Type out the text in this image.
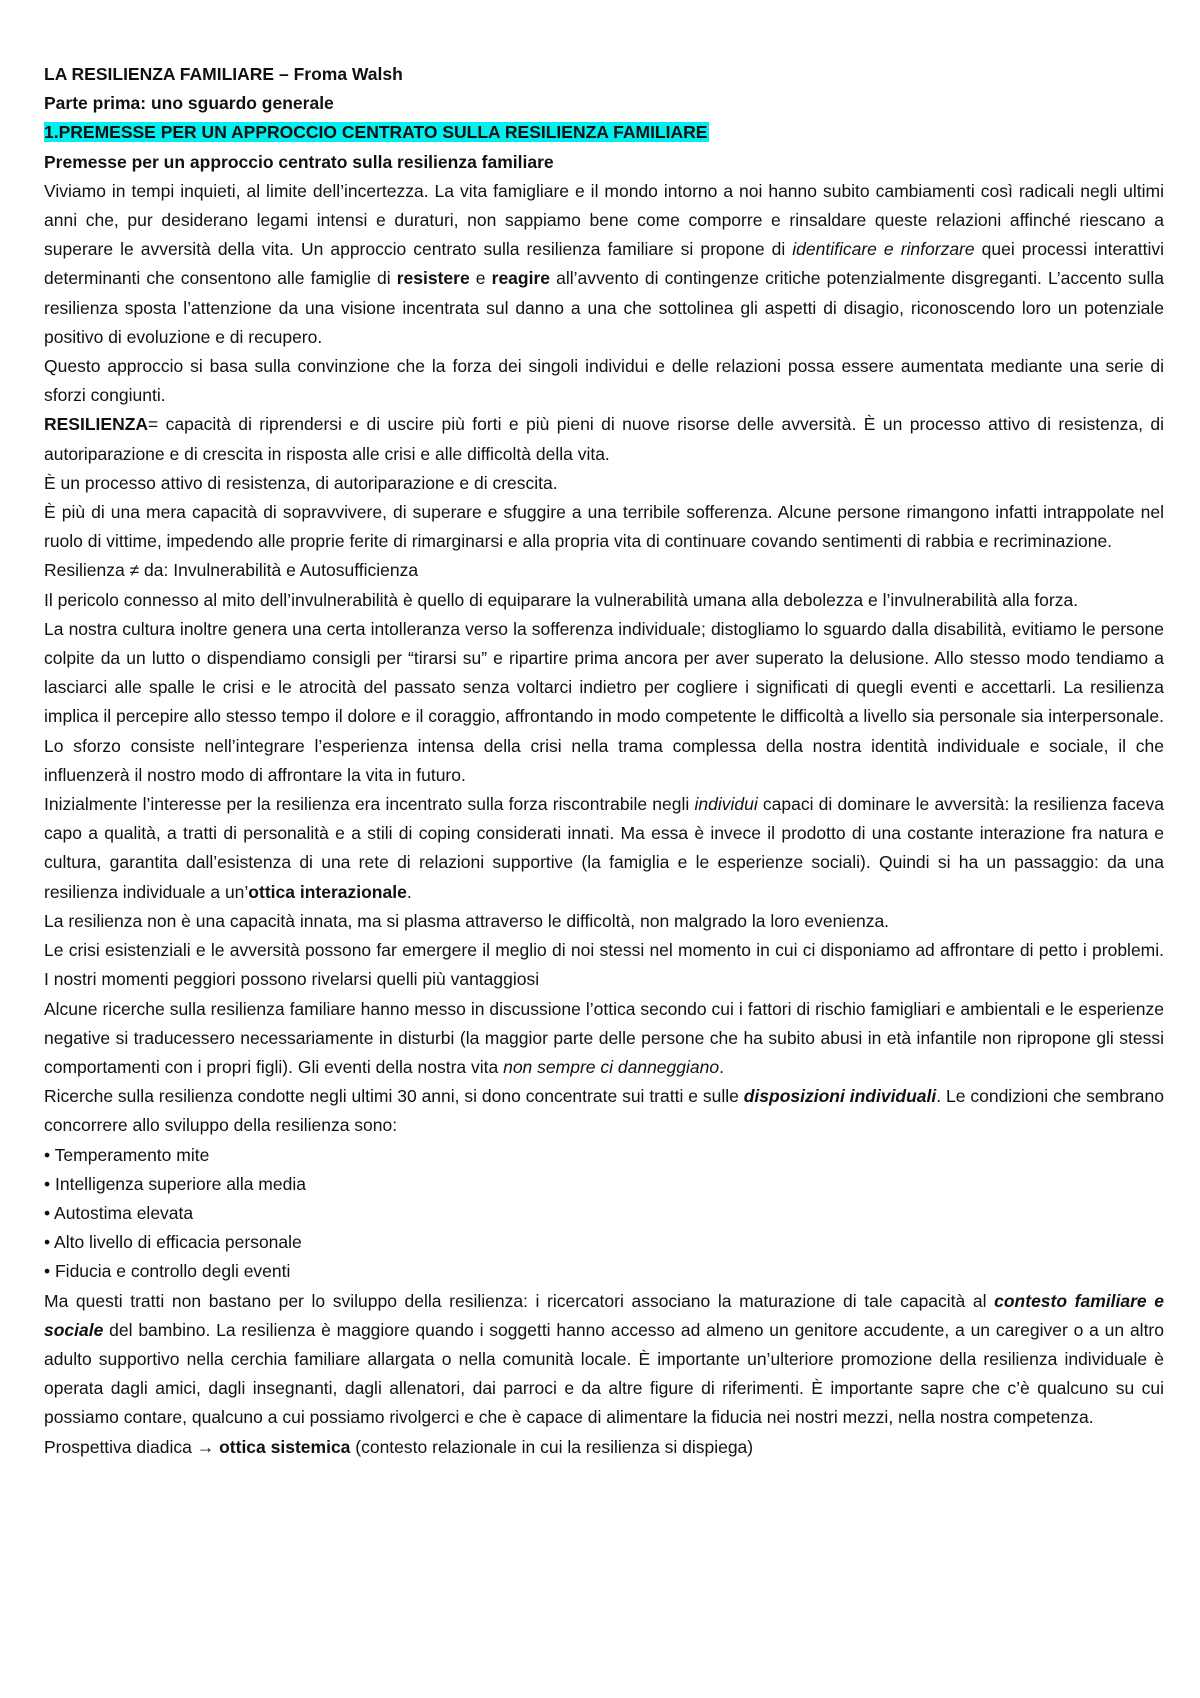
LA RESILIENZA FAMILIARE – Froma Walsh
Parte prima: uno sguardo generale
1.PREMESSE PER UN APPROCCIO CENTRATO SULLA RESILIENZA FAMILIARE
Premesse per un approccio centrato sulla resilienza familiare
Viviamo in tempi inquieti, al limite dell’incertezza. La vita famigliare e il mondo intorno a noi hanno subito cambiamenti così radicali negli ultimi anni che, pur desiderano legami intensi e duraturi, non sappiamo bene come comporre e rinsaldare queste relazioni affinché riescano a superare le avversità della vita. Un approccio centrato sulla resilienza familiare si propone di identificare e rinforzare quei processi interattivi determinanti che consentono alle famiglie di resistere e reagire all’avvento di contingenze critiche potenzialmente disgreganti. L’accento sulla resilienza sposta l’attenzione da una visione incentrata sul danno a una che sottolinea gli aspetti di disagio, riconoscendo loro un potenziale positivo di evoluzione e di recupero.
Questo approccio si basa sulla convinzione che la forza dei singoli individui e delle relazioni possa essere aumentata mediante una serie di sforzi congiunti.
RESILIENZA= capacità di riprendersi e di uscire più forti e più pieni di nuove risorse delle avversità. È un processo attivo di resistenza, di autoriparazione e di crescita in risposta alle crisi e alle difficoltà della vita.
È un processo attivo di resistenza, di autoriparazione e di crescita.
È più di una mera capacità di sopravvivere, di superare e sfuggire a una terribile sofferenza. Alcune persone rimangono infatti intrappolate nel ruolo di vittime, impedendo alle proprie ferite di rimarginarsi e alla propria vita di continuare covando sentimenti di rabbia e recriminazione.
Resilienza ≠ da: Invulnerabilità e Autosufficienza
Il pericolo connesso al mito dell’invulnerabilità è quello di equiparare la vulnerabilità umana alla debolezza e l’invulnerabilità alla forza.
La nostra cultura inoltre genera una certa intolleranza verso la sofferenza individuale; distogliamo lo sguardo dalla disabilità, evitiamo le persone colpite da un lutto o dispendiamo consigli per “tirarsi su” e ripartire prima ancora per aver superato la delusione. Allo stesso modo tendiamo a lasciarci alle spalle le crisi e le atrocità del passato senza voltarci indietro per cogliere i significati di quegli eventi e accettarli. La resilienza implica il percepire allo stesso tempo il dolore e il coraggio, affrontando in modo competente le difficoltà a livello sia personale sia interpersonale. Lo sforzo consiste nell’integrare l’esperienza intensa della crisi nella trama complessa della nostra identità individuale e sociale, il che influenzerà il nostro modo di affrontare la vita in futuro.
Inizialmente l’interesse per la resilienza era incentrato sulla forza riscontrabile negli individui capaci di dominare le avversità: la resilienza faceva capo a qualità, a tratti di personalità e a stili di coping considerati innati. Ma essa è invece il prodotto di una costante interazione fra natura e cultura, garantita dall’esistenza di una rete di relazioni supportive (la famiglia e le esperienze sociali). Quindi si ha un passaggio: da una resilienza individuale a un’ottica interazionale.
La resilienza non è una capacità innata, ma si plasma attraverso le difficoltà, non malgrado la loro evenienza.
Le crisi esistenziali e le avversità possono far emergere il meglio di noi stessi nel momento in cui ci disponiamo ad affrontare di petto i problemi. I nostri momenti peggiori possono rivelarsi quelli più vantaggiosi
Alcune ricerche sulla resilienza familiare hanno messo in discussione l’ottica secondo cui i fattori di rischio famigliari e ambientali e le esperienze negative si traducessero necessariamente in disturbi (la maggior parte delle persone che ha subito abusi in età infantile non ripropone gli stessi comportamenti con i propri figli). Gli eventi della nostra vita non sempre ci danneggiano.
Ricerche sulla resilienza condotte negli ultimi 30 anni, si dono concentrate sui tratti e sulle disposizioni individuali. Le condizioni che sembrano concorrere allo sviluppo della resilienza sono:
• Temperamento mite
• Intelligenza superiore alla media
• Autostima elevata
• Alto livello di efficacia personale
• Fiducia e controllo degli eventi
Ma questi tratti non bastano per lo sviluppo della resilienza: i ricercatori associano la maturazione di tale capacità al contesto familiare e sociale del bambino. La resilienza è maggiore quando i soggetti hanno accesso ad almeno un genitore accudente, a un caregiver o a un altro adulto supportivo nella cerchia familiare allargata o nella comunità locale. È importante un’ulteriore promozione della resilienza individuale è operata dagli amici, dagli insegnanti, dagli allenatori, dai parroci e da altre figure di riferimenti. È importante sapre che c’è qualcuno su cui possiamo contare, qualcuno a cui possiamo rivolgerci e che è capace di alimentare la fiducia nei nostri mezzi, nella nostra competenza.
Prospettiva diadica → ottica sistemica (contesto relazionale in cui la resilienza si dispiega)
